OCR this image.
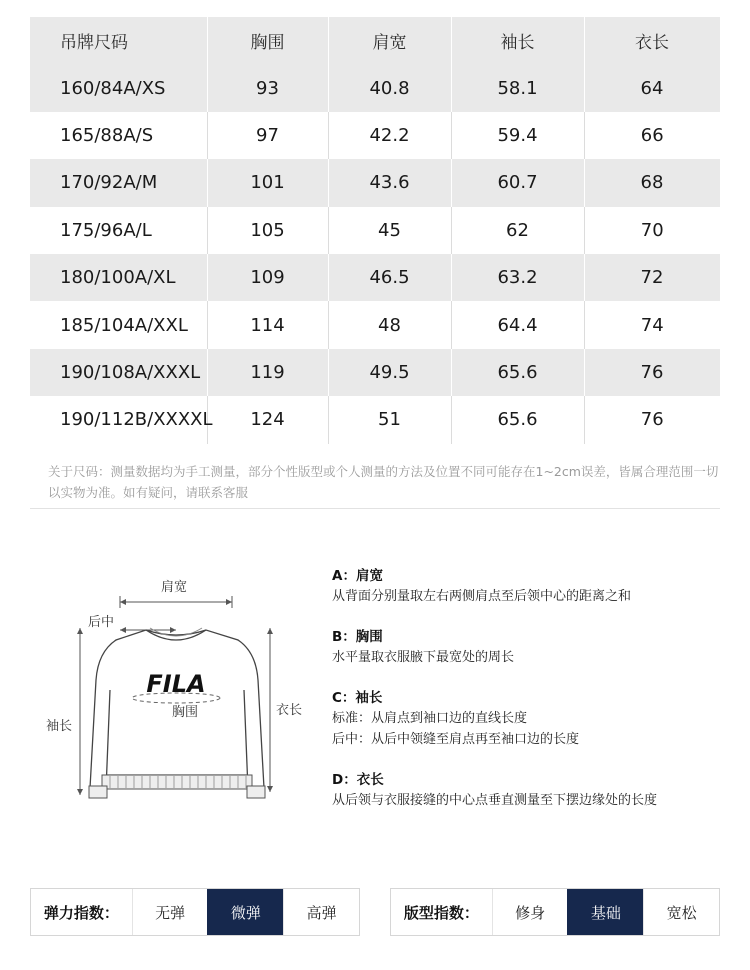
吊牌尺码	胸围	肩宽	袖长	衣长
160/84A/XS	93	40.8	58.1	64
165/88A/S	97	42.2	59.4	66
170/92A/M	101	43.6	60.7	68
175/96A/L	105	45	62	70
180/100A/XL	109	46.5	63.2	72
185/104A/XXL	114	48	64.4	74
190/108A/XXXL	119	49.5	65.6	76
190/112B/XXXXL	124	51	65.6	76
关于尺码：测量数据均为手工测量，部分个性版型或个人测量的方法及位置不同可能存在1~2cm误差，皆属合理范围一切以实物为准。如有疑问，请联系客服
FILA
肩宽
后中
袖长
衣长
胸围
A：肩宽
从背面分别量取左右两侧肩点至后领中心的距离之和
B：胸围
水平量取衣服腋下最宽处的周长
C：袖长
标准：从肩点到袖口边的直线长度
后中：从后中领缝至肩点再至袖口边的长度
D：衣长
从后领与衣服接缝的中心点垂直测量至下摆边缘处的长度
弹力指数：	无弹	微弹	高弹	版型指数：	修身	基础	宽松
